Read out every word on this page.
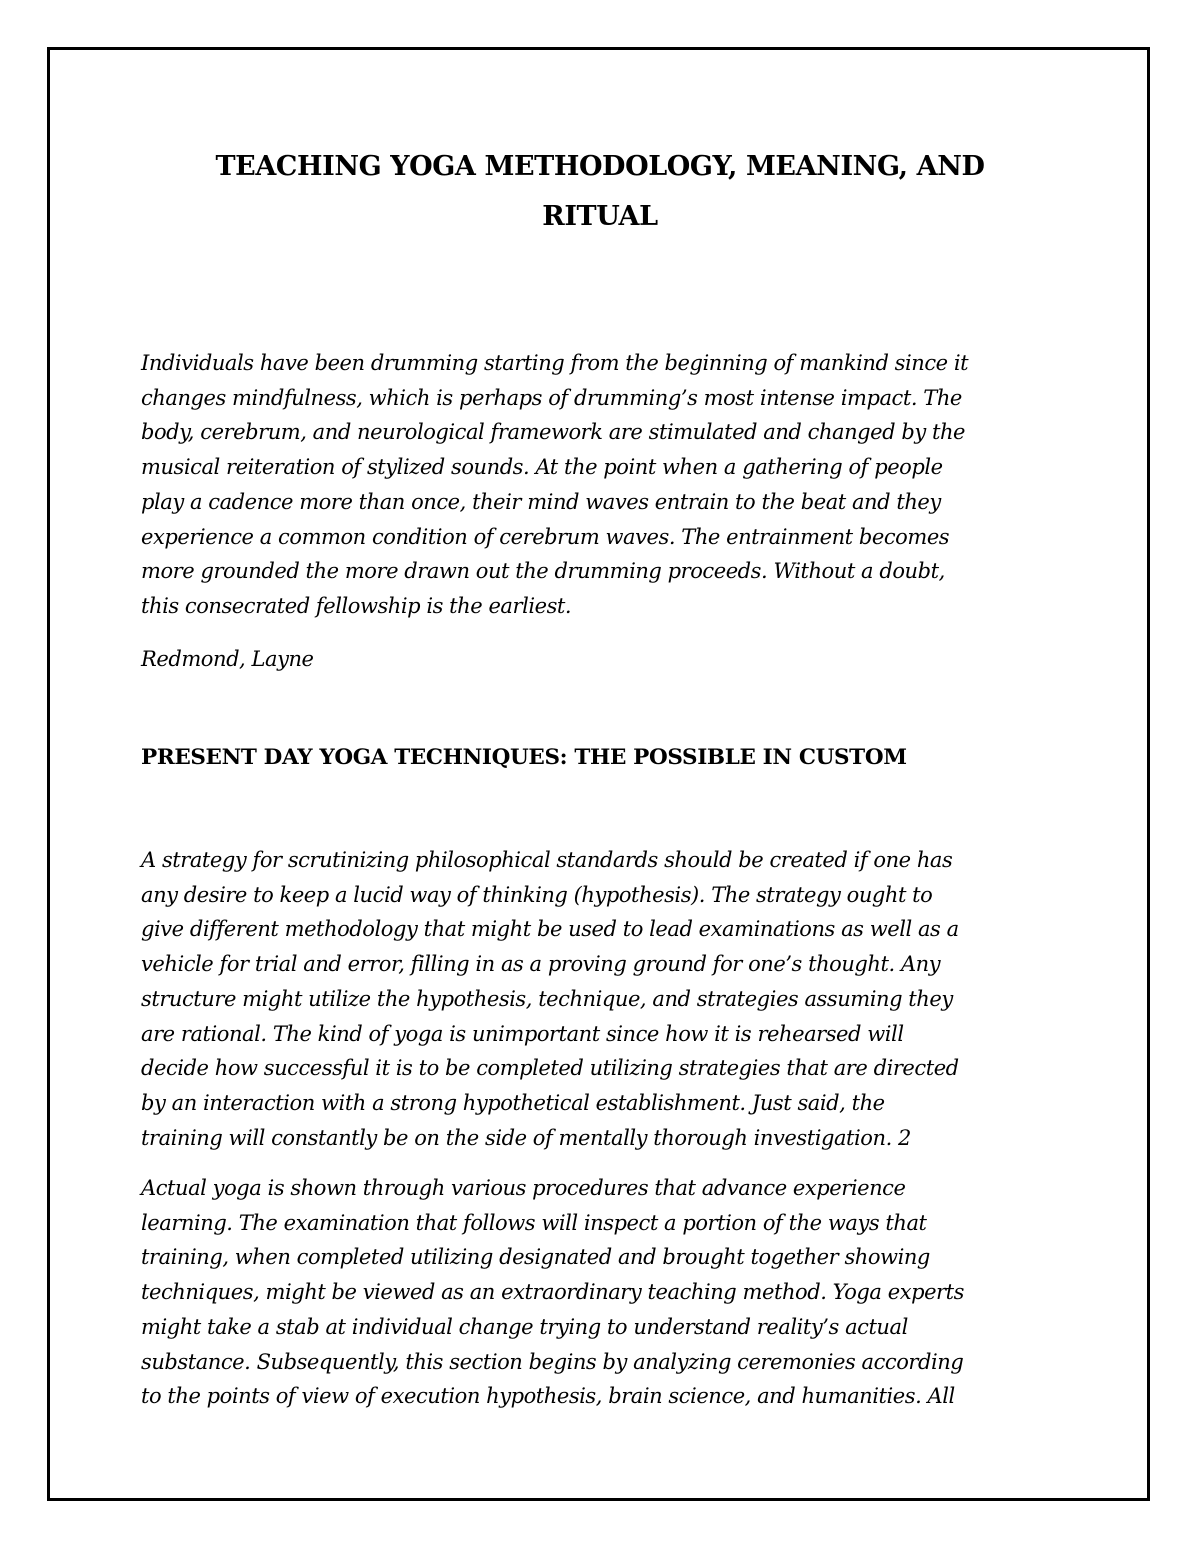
TEACHING YOGA METHODOLOGY, MEANING, AND
RITUAL

Individuals have been drumming starting from the beginning of mankind since it
changes mindfulness, which is perhaps of drumming’s most intense impact. The
body, cerebrum, and neurological framework are stimulated and changed by the
musical reiteration of stylized sounds. At the point when a gathering of people
play a cadence more than once, their mind waves entrain to the beat and they
experience a common condition of cerebrum waves. The entrainment becomes
more grounded the more drawn out the drumming proceeds. Without a doubt,
this consecrated fellowship is the earliest.

Redmond, Layne

PRESENT DAY YOGA TECHNIQUES: THE POSSIBLE IN CUSTOM

A strategy for scrutinizing philosophical standards should be created if one has
any desire to keep a lucid way of thinking (hypothesis). The strategy ought to
give different methodology that might be used to lead examinations as well as a
vehicle for trial and error, filling in as a proving ground for one’s thought. Any
structure might utilize the hypothesis, technique, and strategies assuming they
are rational. The kind of yoga is unimportant since how it is rehearsed will
decide how successful it is to be completed utilizing strategies that are directed
by an interaction with a strong hypothetical establishment. Just said, the
training will constantly be on the side of mentally thorough investigation. 2

Actual yoga is shown through various procedures that advance experience
learning. The examination that follows will inspect a portion of the ways that
training, when completed utilizing designated and brought together showing
techniques, might be viewed as an extraordinary teaching method. Yoga experts
might take a stab at individual change trying to understand reality’s actual
substance. Subsequently, this section begins by analyzing ceremonies according
to the points of view of execution hypothesis, brain science, and humanities. All
